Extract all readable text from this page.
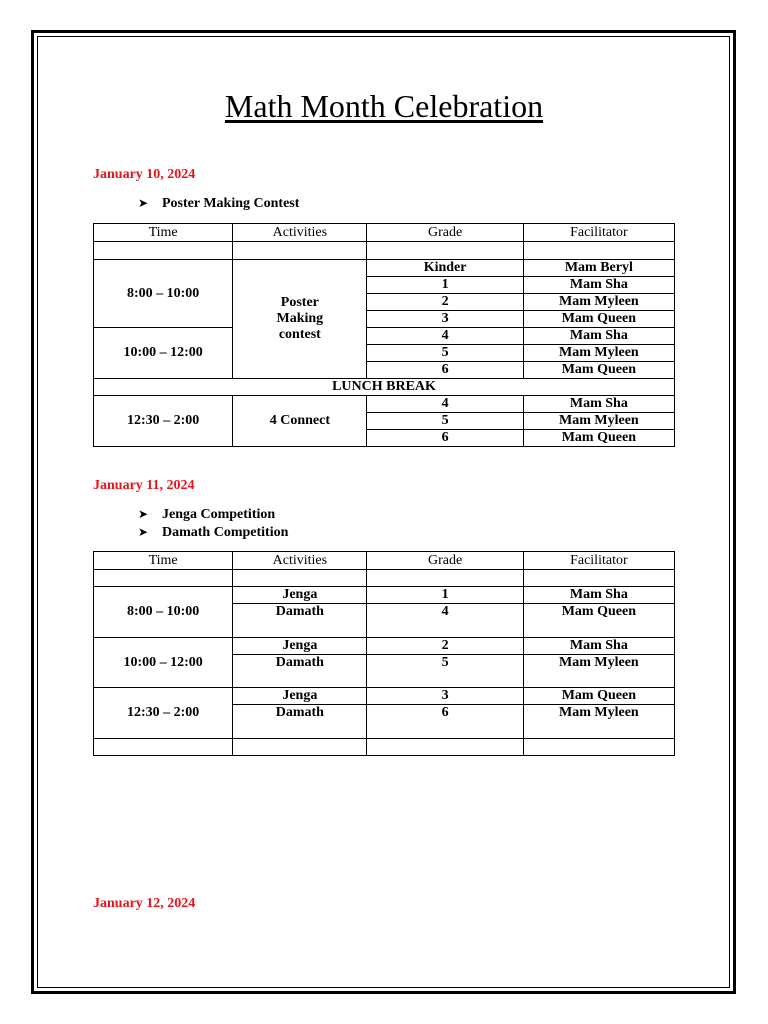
Math Month Celebration
January 10, 2024
➤ Poster Making Contest
Time	Activities	Grade	Facilitator

8:00 – 10:00	Poster Making contest	Kinder	Mam Beryl
		1	Mam Sha
		2	Mam Myleen
		3	Mam Queen
10:00 – 12:00		4	Mam Sha
		5	Mam Myleen
		6	Mam Queen
LUNCH BREAK			
12:30 – 2:00	4 Connect	4	Mam Sha
		5	Mam Myleen
		6	Mam Queen
January 11, 2024
➤ Jenga Competition
➤ Damath Competition
Time	Activities	Grade	Facilitator

8:00 – 10:00	Jenga	1	Mam Sha
	Damath	4	Mam Queen
10:00 – 12:00	Jenga	2	Mam Sha
	Damath	5	Mam Myleen
12:30 – 2:00	Jenga	3	Mam Queen
	Damath	6	Mam Myleen

January 12, 2024
